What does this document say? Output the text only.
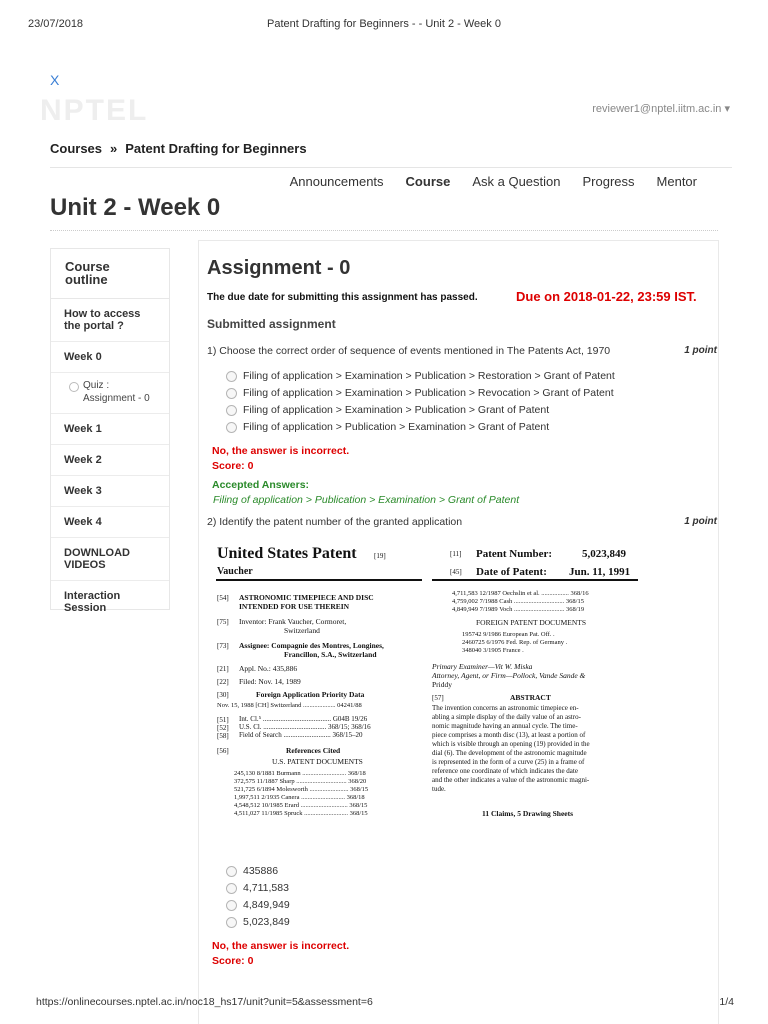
23/07/2018	Patent Drafting for Beginners - - Unit 2 - Week 0
X
NPTEL	reviewer1@nptel.iitm.ac.in ▾
Courses » Patent Drafting for Beginners
Announcements Course Ask a Question Progress Mentor
Unit 2 - Week 0
Course
outline
How to access
the portal ?
Week 0
Quiz :
Assignment - 0
Week 1
Week 2
Week 3
Week 4
DOWNLOAD
VIDEOS
Interaction
Session
Assignment - 0
The due date for submitting this assignment has passed.	Due on 2018-01-22, 23:59 IST.
Submitted assignment
1) Choose the correct order of sequence of events mentioned in The Patents Act, 1970	1 point
Filing of application > Examination > Publication > Restoration > Grant of Patent
Filing of application > Examination > Publication > Revocation > Grant of Patent
Filing of application > Examination > Publication > Grant of Patent
Filing of application > Publication > Examination > Grant of Patent
No, the answer is incorrect.
Score: 0
Accepted Answers:
Filing of application > Publication > Examination > Grant of Patent
2) Identify the patent number of the granted application	1 point
United States Patent [19]
Vaucher
[11] Patent Number:	5,023,849
[45] Date of Patent: Jun. 11, 1991
[54] ASTRONOMIC TIMEPIECE AND DISC
INTENDED FOR USE THEREIN
[75] Inventor: Frank Vaucher, Cormoret,
Switzerland
[73] Assignee: Compagnie des Montres, Longines,
Francillon, S.A., Switzerland
[21] Appl. No.: 435,886
[22] Filed: Nov. 14, 1989
[30]	Foreign Application Priority Data
Nov. 15, 1988 [CH] Switzerland .................... 04241/88
[51] Int. Cl.⁵ ....................................... G04B 19/26
[52] U.S. Cl. .................................... 368/15; 368/16
[58] Field of Search ........................... 368/15–20
[56]	References Cited
U.S. PATENT DOCUMENTS
245,130 8/1881 Burmann ........................... 368/18
372,575 11/1887 Sharp ............................... 368/20
521,725 6/1894 Molesworth ........................ 368/15
1,997,511 2/1935 Canera ........................... 368/18
4,548,512 10/1985 Erard ............................. 368/15
4,511,027 11/1985 Spruck ........................... 368/15
4,711,583 12/1987 Oechslin et al. ................. 368/16
4,759,002 7/1988 Cash ............................... 368/15
4,849,949 7/1989 Voch ............................... 368/19
FOREIGN PATENT DOCUMENTS
195742 9/1986 European Pat. Off. .
2460725 6/1976 Fed. Rep. of Germany .
348040 3/1905 France .
Primary Examiner—Vit W. Miska
Attorney, Agent, or Firm—Pollock, Vande Sande &
Priddy
[57]	ABSTRACT
The invention concerns an astronomic timepiece en-
abling a simple display of the daily value of an astro-
nomic magnitude having an annual cycle. The time-
piece comprises a month disc (13), at least a portion of
which is visible through an opening (19) provided in the
dial (6). The development of the astronomic magnitude
is represented in the form of a curve (25) in a frame of
reference one coordinate of which indicates the date
and the other indicates a value of the astronomic magni-
tude.
11 Claims, 5 Drawing Sheets
435886
4,711,583
4,849,949
5,023,849
No, the answer is incorrect.
Score: 0
https://onlinecourses.nptel.ac.in/noc18_hs17/unit?unit=5&assessment=6	1/4
